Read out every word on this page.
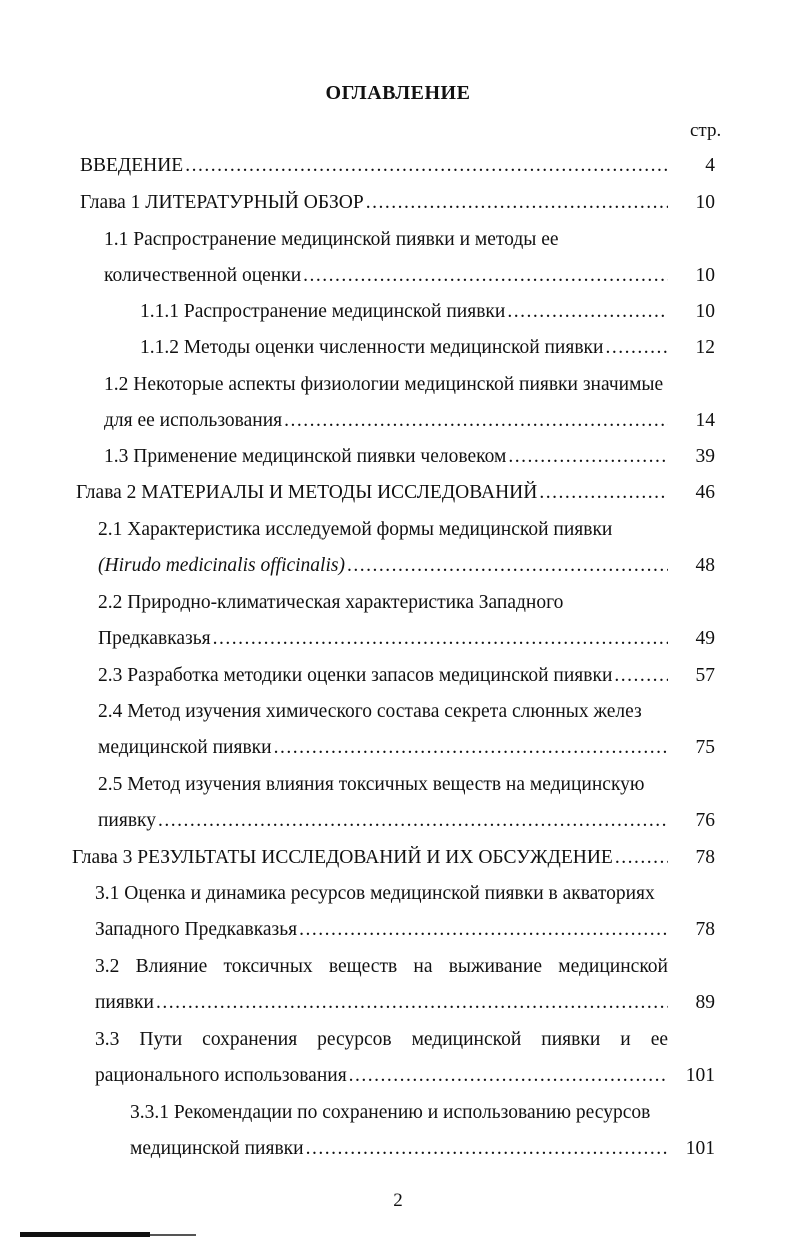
ОГЛАВЛЕНИЕ
стр.
ВВЕДЕНИЕ .....	4
Глава 1 ЛИТЕРАТУРНЫЙ ОБЗОР .....	10
1.1 Распространение медицинской пиявки и методы ее
количественной оценки .....	10
1.1.1 Распространение медицинской пиявки .....	10
1.1.2 Методы оценки численности медицинской пиявки .....	12
1.2 Некоторые аспекты физиологии медицинской пиявки значимые
для ее использования .....	14
1.3 Применение медицинской пиявки человеком .....	39
Глава 2 МАТЕРИАЛЫ И МЕТОДЫ ИССЛЕДОВАНИЙ .....	46
2.1 Характеристика исследуемой формы медицинской пиявки
(Hirudo medicinalis officinalis) .....	48
2.2 Природно-климатическая характеристика Западного
Предкавказья .....	49
2.3 Разработка методики оценки запасов медицинской пиявки .....	57
2.4 Метод изучения химического состава секрета слюнных желез
медицинской пиявки .....	75
2.5 Метод изучения влияния токсичных веществ на медицинскую
пиявку .....	76
Глава 3 РЕЗУЛЬТАТЫ ИССЛЕДОВАНИЙ И ИХ ОБСУЖДЕНИЕ .....	78
3.1 Оценка и динамика ресурсов медицинской пиявки в акваториях
Западного Предкавказья .....	78
3.2 Влияние токсичных веществ на выживание медицинской
пиявки .....	89
3.3 Пути сохранения ресурсов медицинской пиявки и ее
рационального использования .....	101
3.3.1 Рекомендации по сохранению и использованию ресурсов
медицинской пиявки .....	101
2
